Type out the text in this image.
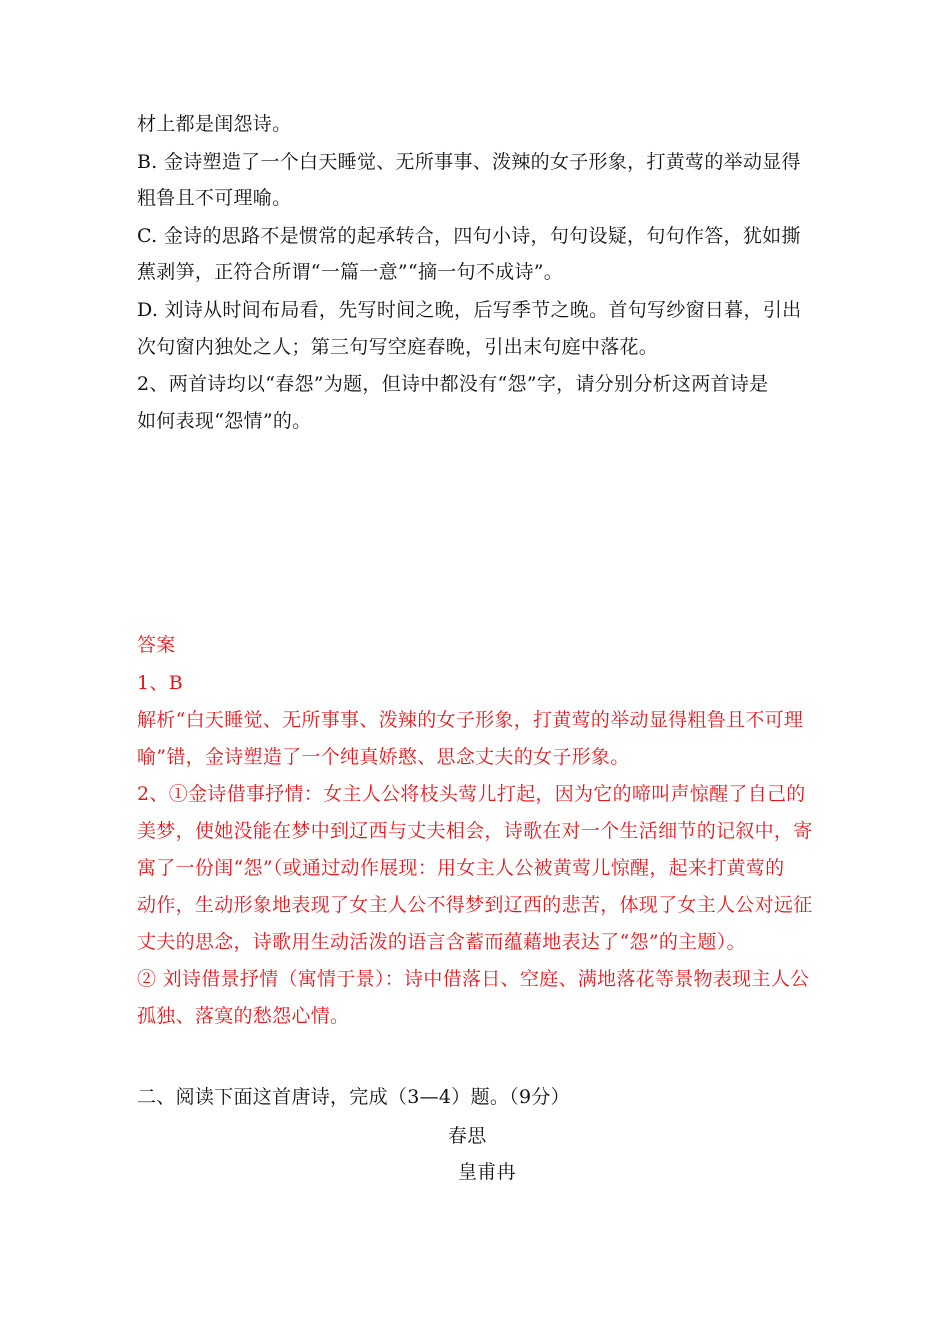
材上都是闺怨诗。
B. 金诗塑造了一个白天睡觉、无所事事、泼辣的女子形象，打黄莺的举动显得
粗鲁且不可理喻。
C. 金诗的思路不是惯常的起承转合，四句小诗，句句设疑，句句作答，犹如撕
蕉剥笋，正符合所谓“一篇一意”“摘一句不成诗”。
D. 刘诗从时间布局看，先写时间之晚，后写季节之晚。首句写纱窗日暮，引出
次句窗内独处之人；第三句写空庭春晚，引出末句庭中落花。
2、两首诗均以“春怨”为题，但诗中都没有“怨”字，请分别分析这两首诗是
如何表现“怨情”的。
答案
1、B
解析“白天睡觉、无所事事、泼辣的女子形象，打黄莺的举动显得粗鲁且不可理
喻”错，金诗塑造了一个纯真娇憨、思念丈夫的女子形象。
2、①金诗借事抒情：女主人公将枝头莺儿打起，因为它的啼叫声惊醒了自己的
美梦，使她没能在梦中到辽西与丈夫相会，诗歌在对一个生活细节的记叙中，寄
寓了一份闺“怨”（或通过动作展现：用女主人公被黄莺儿惊醒，起来打黄莺的
动作，生动形象地表现了女主人公不得梦到辽西的悲苦，体现了女主人公对远征
丈夫的思念，诗歌用生动活泼的语言含蓄而蕴藉地表达了“怨”的主题）。
② 刘诗借景抒情（寓情于景）：诗中借落日、空庭、满地落花等景物表现主人公
孤独、落寞的愁怨心情。
二、阅读下面这首唐诗，完成（3—4）题。（9分）
春思
皇甫冉
